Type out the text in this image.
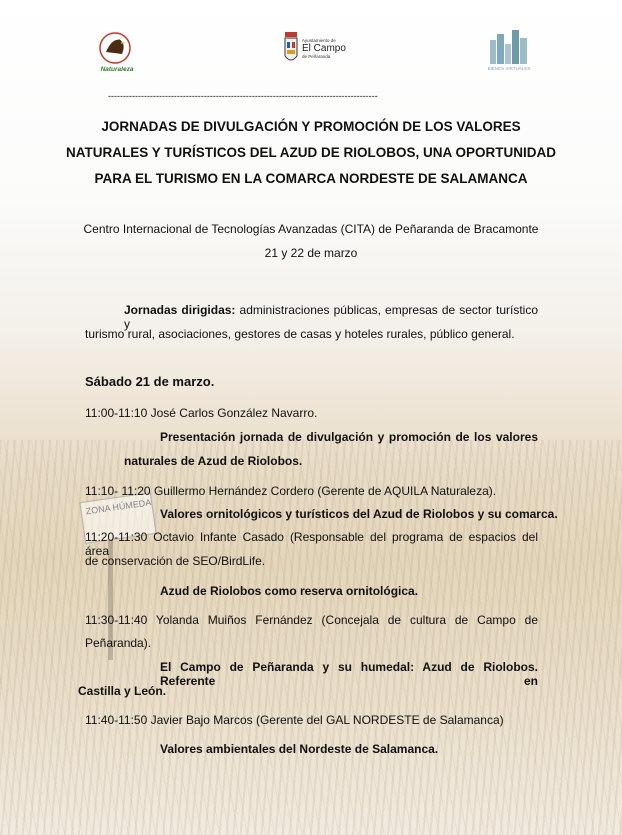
ZONA HÚMEDA
Naturaleza
Ayuntamiento de
El Campo
de Peñaranda
BIENES VIRTUALES
------------------------------------------------------------------------------------------
JORNADAS DE DIVULGACIÓN Y PROMOCIÓN DE LOS VALORES
NATURALES Y TURÍSTICOS DEL AZUD DE RIOLOBOS, UNA OPORTUNIDAD
PARA EL TURISMO EN LA COMARCA NORDESTE DE SALAMANCA
Centro Internacional de Tecnologías Avanzadas (CITA) de Peñaranda de Bracamonte
21 y 22 de marzo
Jornadas dirigidas: administraciones públicas, empresas de sector turístico y
turismo rural, asociaciones, gestores de casas y hoteles rurales, público general.
Sábado 21 de marzo.
11:00-11:10 José Carlos González Navarro.
Presentación jornada de divulgación y promoción de los valores
naturales de Azud de Riolobos.
11:10- 11:20 Guillermo Hernández Cordero (Gerente de AQUILA Naturaleza).
Valores ornitológicos y turísticos del Azud de Riolobos y su comarca.
11:20-11:30 Octavio Infante Casado (Responsable del programa de espacios del área
de conservación de SEO/BirdLife.
Azud de Riolobos como reserva ornitológica.
11:30-11:40 Yolanda Muiños Fernández (Concejala de cultura de Campo de
Peñaranda).
El Campo de Peñaranda y su humedal: Azud de Riolobos. Referente en
Castilla y León.
11:40-11:50 Javier Bajo Marcos (Gerente del GAL NORDESTE de Salamanca)
Valores ambientales del Nordeste de Salamanca.
